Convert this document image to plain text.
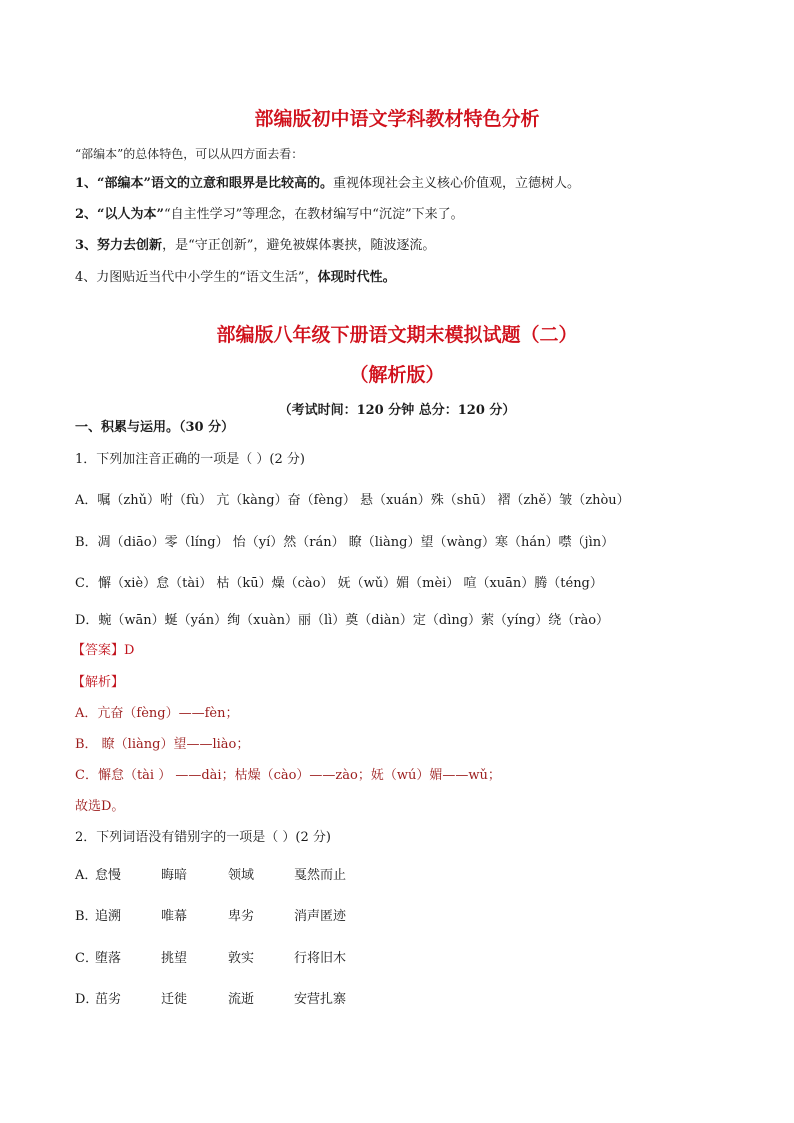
部编版初中语文学科教材特色分析
“部编本”的总体特色，可以从四方面去看：
1、“部编本”语文的立意和眼界是比较高的。重视体现社会主义核心价值观，立德树人。
2、“以人为本”“自主性学习”等理念，在教材编写中“沉淀”下来了。
3、努力去创新，是“守正创新”，避免被媒体裹挟，随波逐流。
4、力图贴近当代中小学生的“语文生活”，体现时代性。
部编版八年级下册语文期末模拟试题（二）
（解析版）
（考试时间：120 分钟 总分：120 分）
一、积累与运用。（30 分）
1．下列加注音正确的一项是（ ）(2 分)
A．嘱（zhǔ）咐（fù） 亢（kàng）奋（fèng） 悬（xuán）殊（shū） 褶（zhě）皱（zhòu）
B．凋（diāo）零（líng） 怡（yí）然（rán） 瞭（liàng）望（wàng）寒（hán）噤（jìn）
C．懈（xiè）怠（tài） 枯（kū）燥（cào） 妩（wǔ）媚（mèi） 喧（xuān）腾（téng）
D．蜿（wān）蜒（yán）绚（xuàn）丽（lì）奠（diàn）定（dìng）萦（yíng）绕（rào）
【答案】D
【解析】
A．亢奋（fèng）——fèn；
B． 瞭（liàng）望——liào；
C．懈怠（tài ） ——dài；枯燥（cào）——zào；妩（wú）媚——wǔ；
故选D。
2．下列词语没有错别字的一项是（ ）(2 分)
A．
怠慢	晦暗	领域	戛然而止
B．
追溯	唯幕	卑劣	消声匿迹
C．
堕落	挑望	敦实	行将旧木
D．
茁劣	迁徙	流逝	安营扎寨
